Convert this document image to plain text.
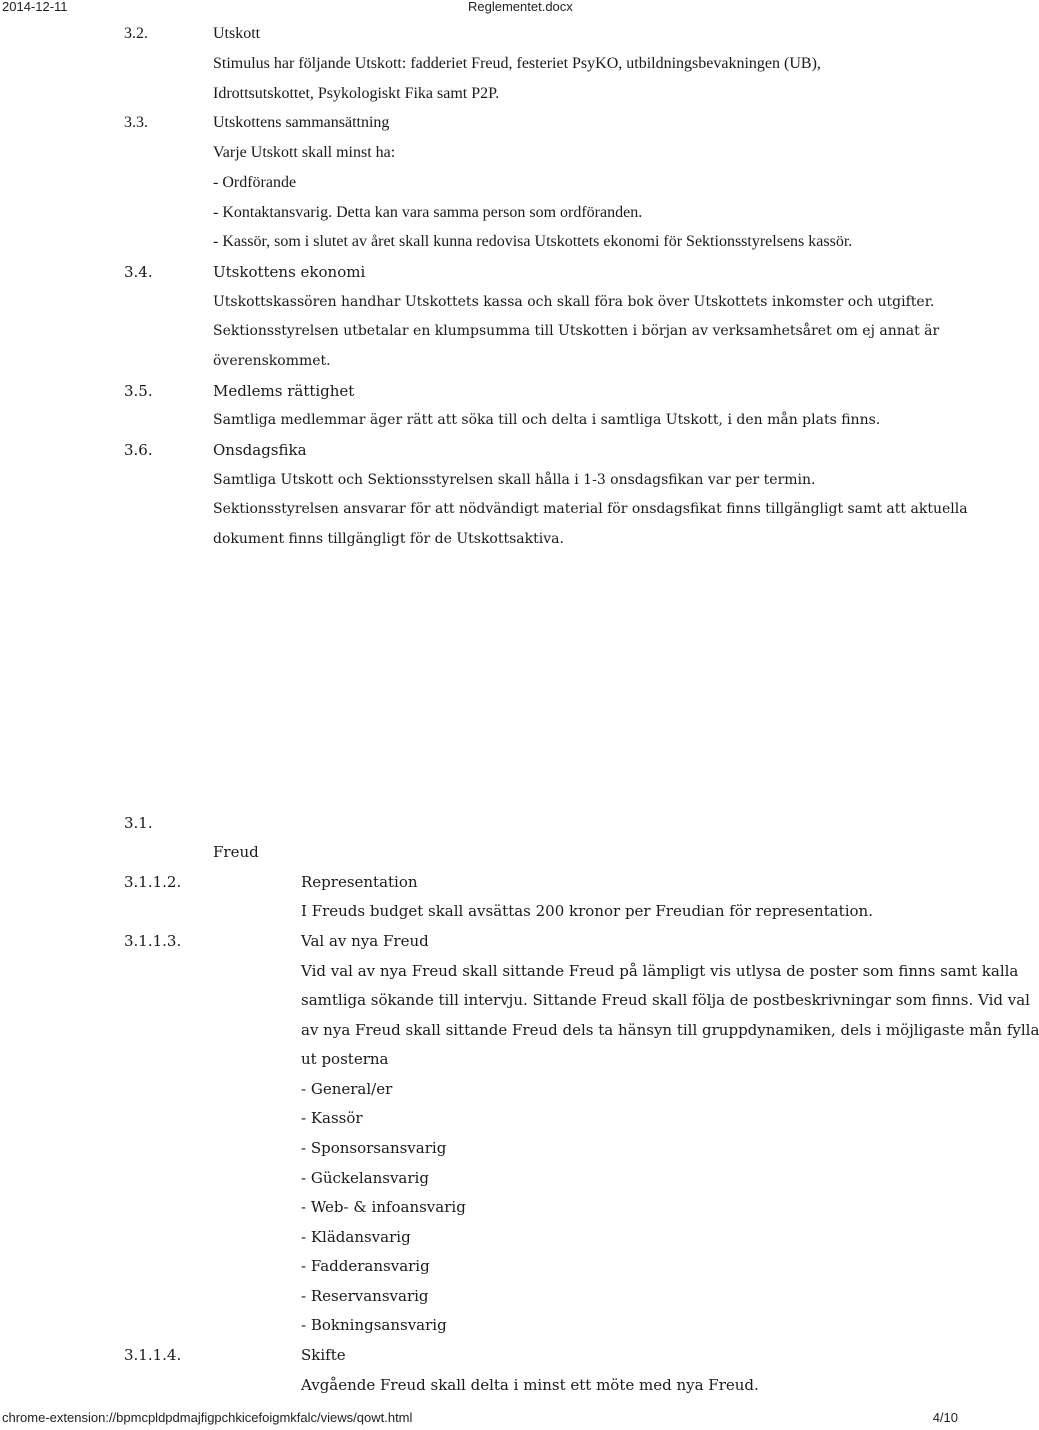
2014-12-11	Reglementet.docx
3.2.	Utskott
Stimulus har följande Utskott: fadderiet Freud, festeriet PsyKO, utbildningsbevakningen (UB),
Idrottsutskottet, Psykologiskt Fika samt P2P.
3.3.	Utskottens sammansättning
Varje Utskott skall minst ha:
- Ordförande
- Kontaktansvarig. Detta kan vara samma person som ordföranden.
- Kassör, som i slutet av året skall kunna redovisa Utskottets ekonomi för Sektionsstyrelsens kassör.
3.4.	Utskottens ekonomi
Utskottskassören handhar Utskottets kassa och skall föra bok över Utskottets inkomster och utgifter.
Sektionsstyrelsen utbetalar en klumpsumma till Utskotten i början av verksamhetsåret om ej annat är
överenskommet.
3.5.	Medlems rättighet
Samtliga medlemmar äger rätt att söka till och delta i samtliga Utskott, i den mån plats finns.
3.6.	Onsdagsfika
Samtliga Utskott och Sektionsstyrelsen skall hålla i 1-3 onsdagsfikan var per termin.
Sektionsstyrelsen ansvarar för att nödvändigt material för onsdagsfikat finns tillgängligt samt att aktuella
dokument finns tillgängligt för de Utskottsaktiva.
3.1.
Freud
3.1.1.2.	Representation
I Freuds budget skall avsättas 200 kronor per Freudian för representation.
3.1.1.3.	Val av nya Freud
Vid val av nya Freud skall sittande Freud på lämpligt vis utlysa de poster som finns samt kalla
samtliga sökande till intervju. Sittande Freud skall följa de postbeskrivningar som finns. Vid val
av nya Freud skall sittande Freud dels ta hänsyn till gruppdynamiken, dels i möjligaste mån fylla
ut posterna
- General/er
- Kassör
- Sponsorsansvarig
- Gückelansvarig
- Web- & infoansvarig
- Klädansvarig
- Fadderansvarig
- Reservansvarig
- Bokningsansvarig
3.1.1.4.	Skifte
Avgående Freud skall delta i minst ett möte med nya Freud.
chrome-extension://bpmcpldpdmajfigpchkicefoigmkfalc/views/qowt.html	4/10
